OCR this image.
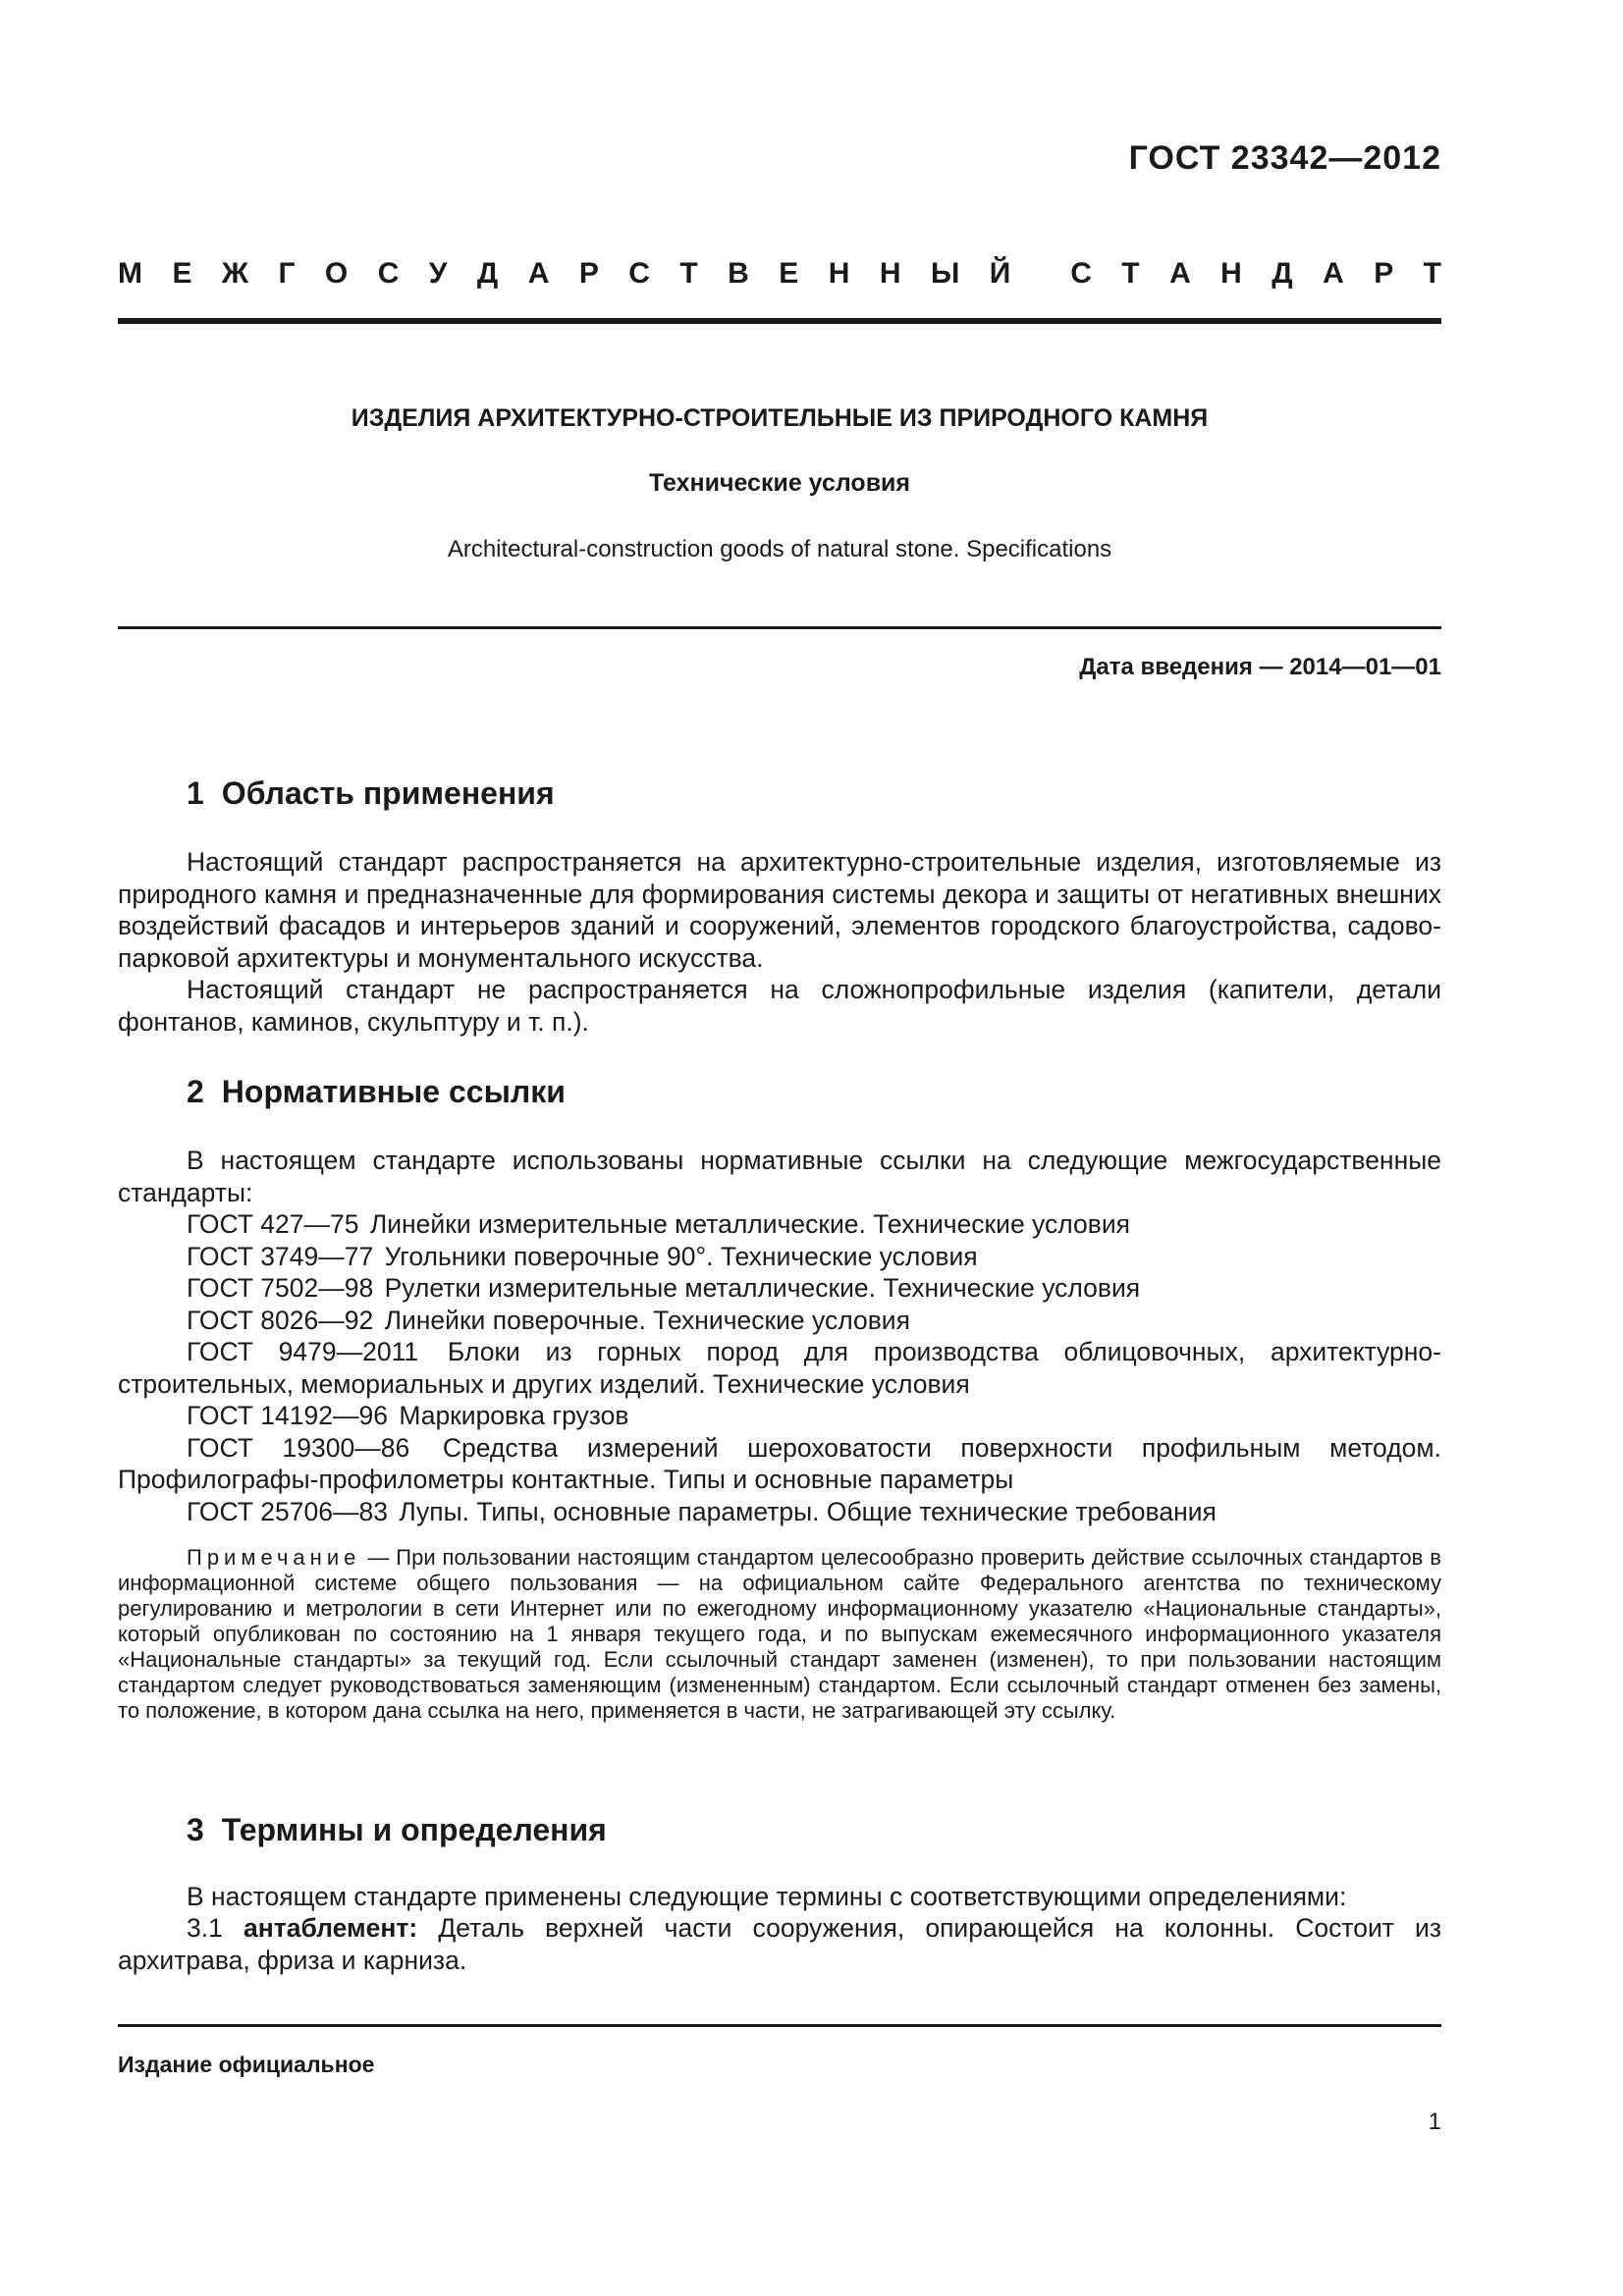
ГОСТ 23342—2012
М Е Ж Г О С У Д А Р С Т В Е Н Н Ы Й С Т А Н Д А Р Т
ИЗДЕЛИЯ АРХИТЕКТУРНО-СТРОИТЕЛЬНЫЕ ИЗ ПРИРОДНОГО КАМНЯ
Технические условия
Architectural-construction goods of natural stone. Specifications
Дата введения — 2014—01—01
1 Область применения

Настоящий стандарт распространяется на архитектурно-строительные изделия, изготовляемые из природного камня и предназначенные для формирования системы декора и защиты от негативных внешних воздействий фасадов и интерьеров зданий и сооружений, элементов городского благоустройства, садово-парковой архитектуры и монументального искусства.

Настоящий стандарт не распространяется на сложнопрофильные изделия (капители, детали фонтанов, каминов, скульптуру и т. п.).

2 Нормативные ссылки

В настоящем стандарте использованы нормативные ссылки на следующие межгосударственные стандарты:

ГОСТ 427—75 Линейки измерительные металлические. Технические условия

ГОСТ 3749—77 Угольники поверочные 90°. Технические условия

ГОСТ 7502—98 Рулетки измерительные металлические. Технические условия

ГОСТ 8026—92 Линейки поверочные. Технические условия

ГОСТ 9479—2011 Блоки из горных пород для производства облицовочных, архитектурно-строительных, мемориальных и других изделий. Технические условия

ГОСТ 14192—96 Маркировка грузов

ГОСТ 19300—86 Средства измерений шероховатости поверхности профильным методом. Профилографы-профилометры контактные. Типы и основные параметры

ГОСТ 25706—83 Лупы. Типы, основные параметры. Общие технические требования

Примечание — При пользовании настоящим стандартом целесообразно проверить действие ссылочных стандартов в информационной системе общего пользования — на официальном сайте Федерального агентства по техническому регулированию и метрологии в сети Интернет или по ежегодному информационному указателю «Национальные стандарты», который опубликован по состоянию на 1 января текущего года, и по выпускам ежемесячного информационного указателя «Национальные стандарты» за текущий год. Если ссылочный стандарт заменен (изменен), то при пользовании настоящим стандартом следует руководствоваться заменяющим (измененным) стандартом. Если ссылочный стандарт отменен без замены, то положение, в котором дана ссылка на него, применяется в части, не затрагивающей эту ссылку.

3 Термины и определения

В настоящем стандарте применены следующие термины с соответствующими определениями:

3.1 антаблемент: Деталь верхней части сооружения, опирающейся на колонны. Состоит из архитрава, фриза и карниза.

Издание официальное
1
